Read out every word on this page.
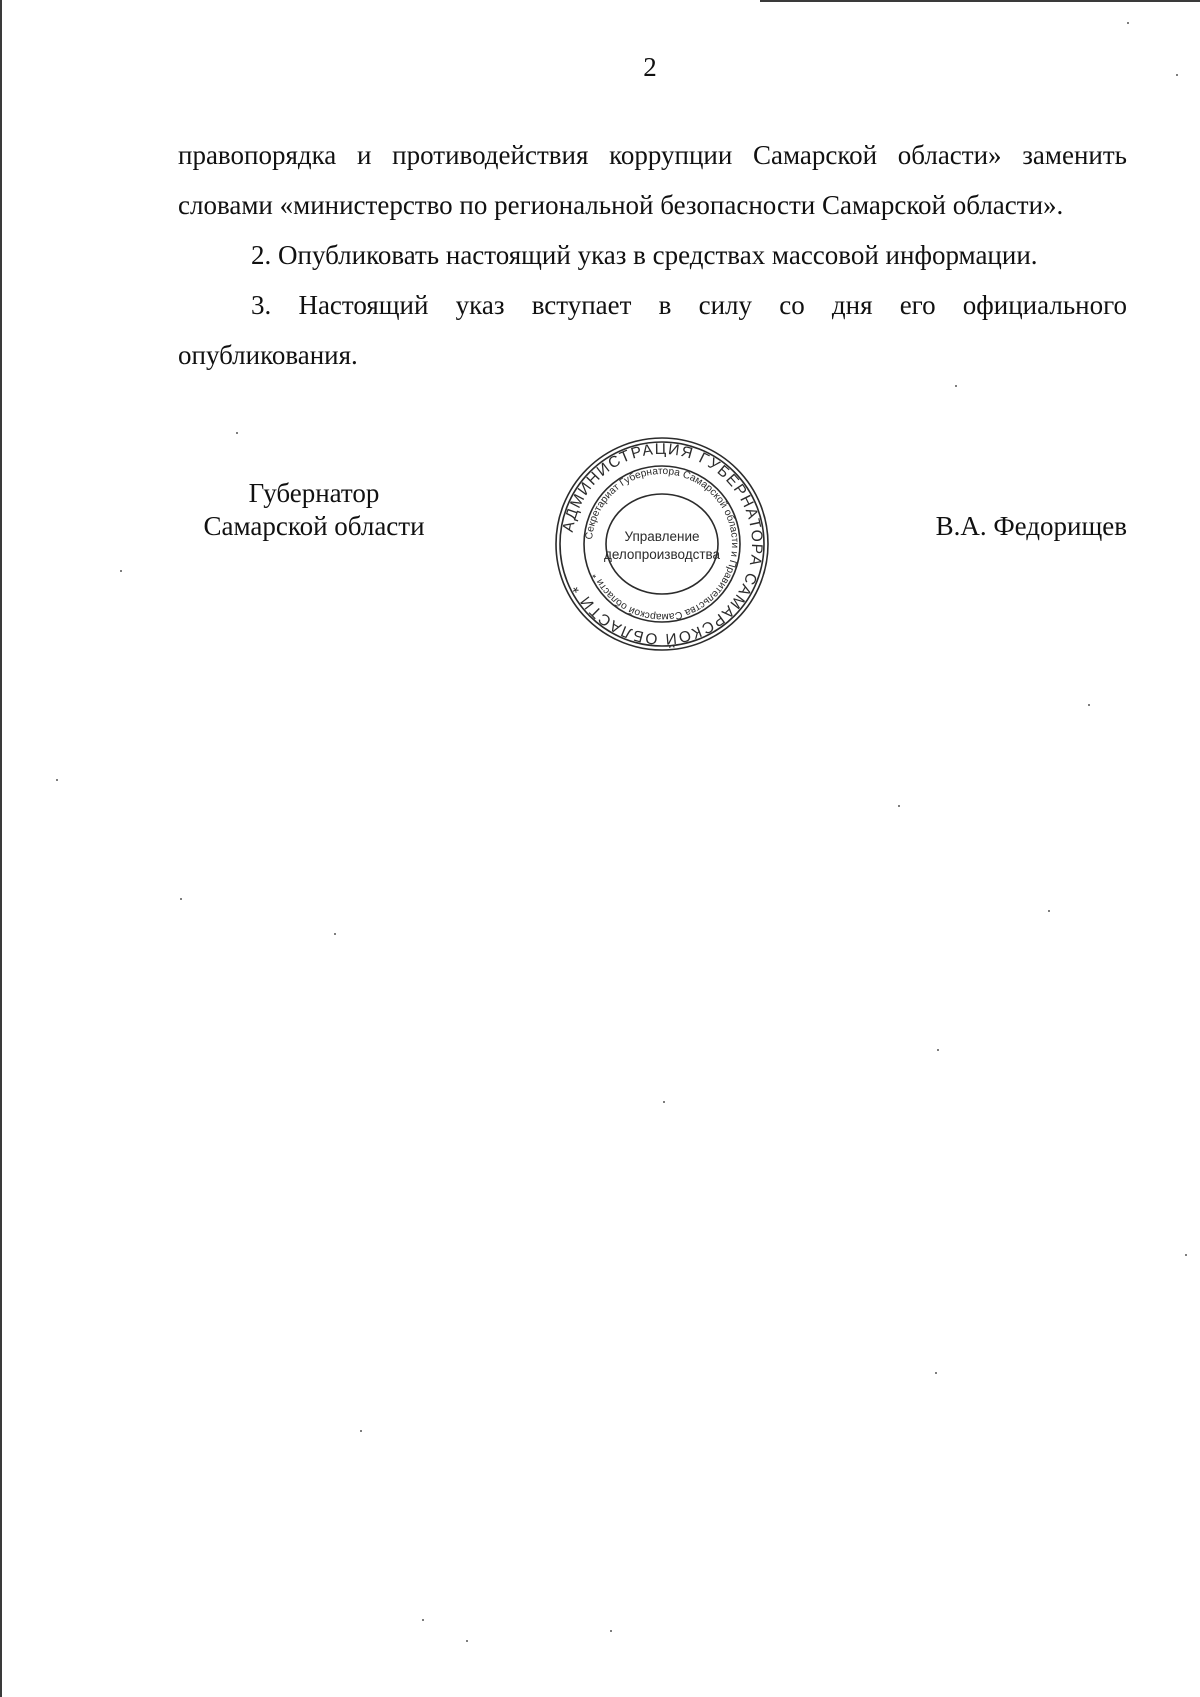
2

правопорядка и противодействия коррупции Самарской области» заменить словами «министерство по региональной безопасности Самарской области».

2. Опубликовать настоящий указ в средствах массовой информации.

3. Настоящий указ вступает в силу со дня его официального опубликования.

Губернатор
Самарской области	В.А. Федорищев
АДМИНИСТРАЦИЯ ГУБЕРНАТОРА САМАРСКОЙ ОБЛАСТИ *
Секретариат Губернатора Самарской области и Правительства Самарской области *
Управление
делопроизводства
